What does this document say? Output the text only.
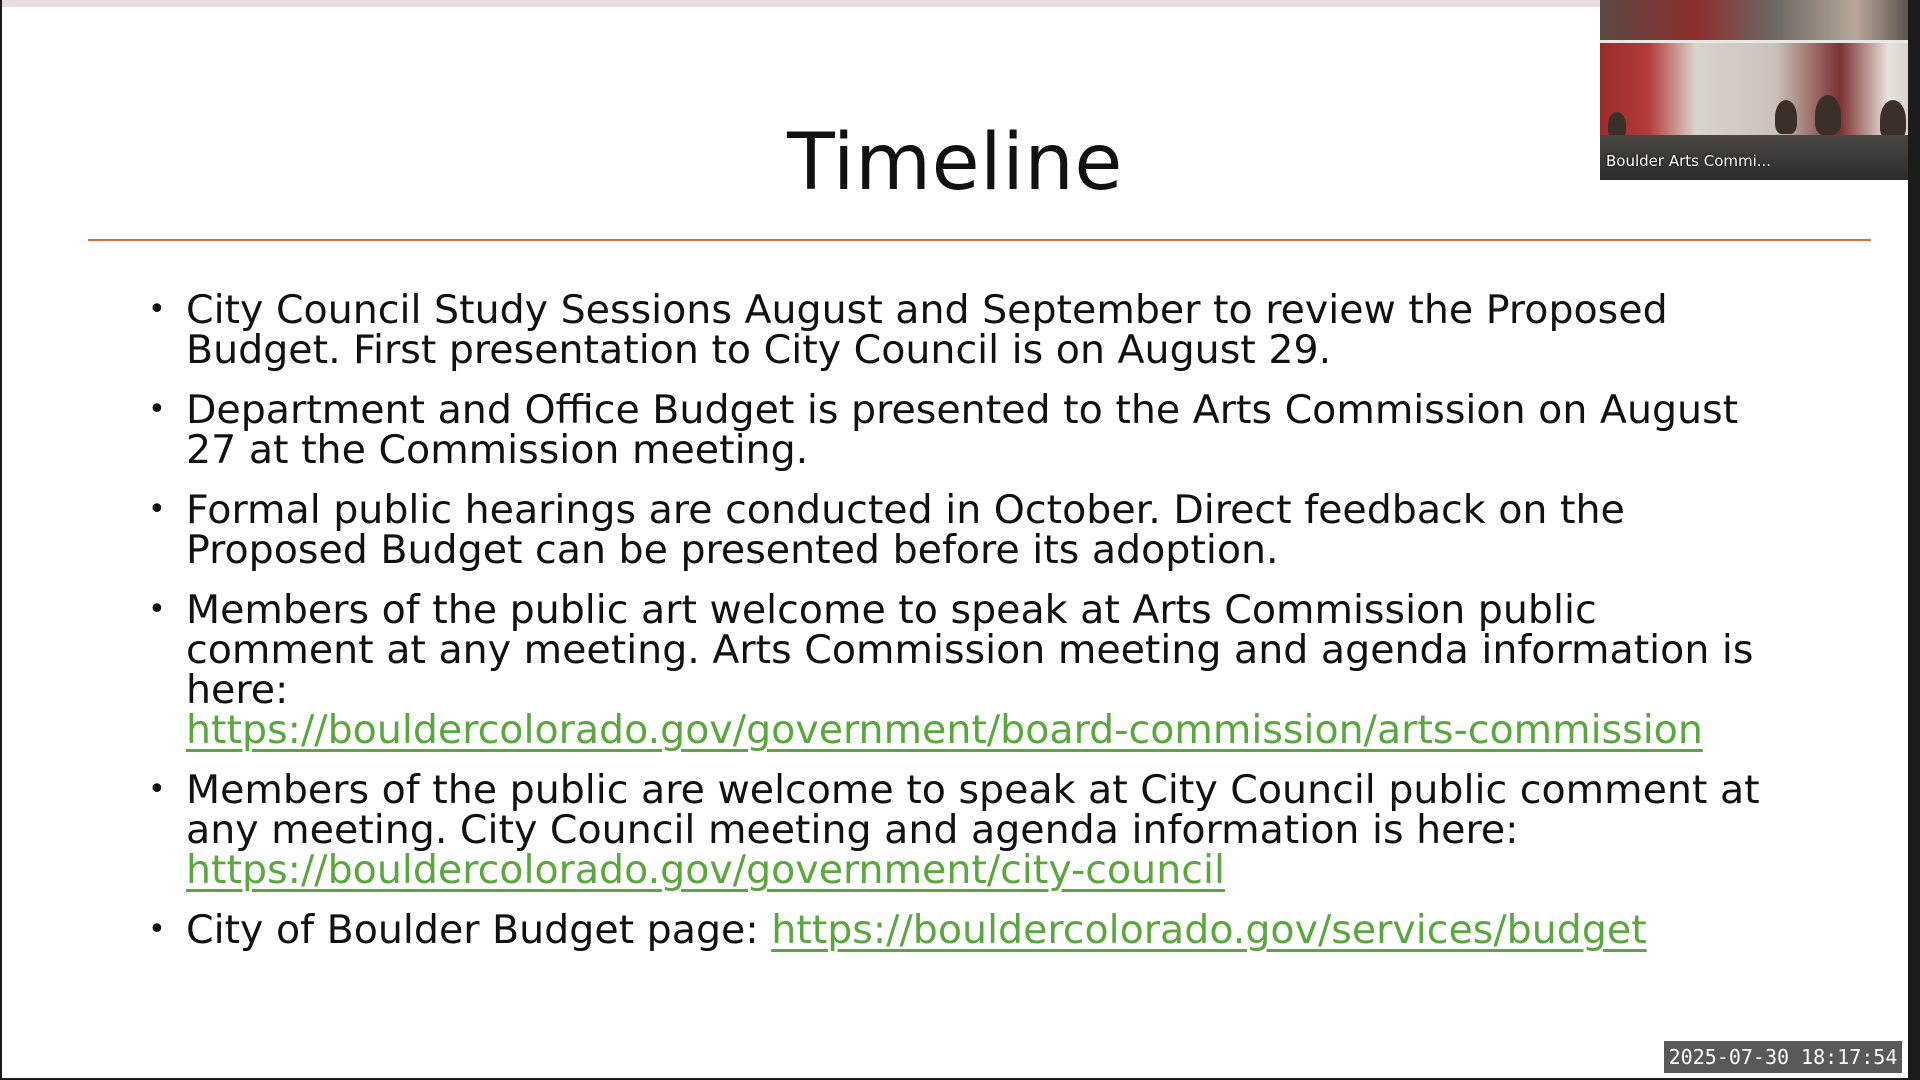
Timeline
• City Council Study Sessions August and September to review the Proposed Budget. First presentation to City Council is on August 29.
• Department and Office Budget is presented to the Arts Commission on August 27 at the Commission meeting.
• Formal public hearings are conducted in October. Direct feedback on the Proposed Budget can be presented before its adoption.
• Members of the public art welcome to speak at Arts Commission public comment at any meeting. Arts Commission meeting and agenda information is here:
https://bouldercolorado.gov/government/board-commission/arts-commission
• Members of the public are welcome to speak at City Council public comment at any meeting. City Council meeting and agenda information is here:
https://bouldercolorado.gov/government/city-council
• City of Boulder Budget page: https://bouldercolorado.gov/services/budget
Boulder Arts Commi...
2025-07-30 18:17:54
